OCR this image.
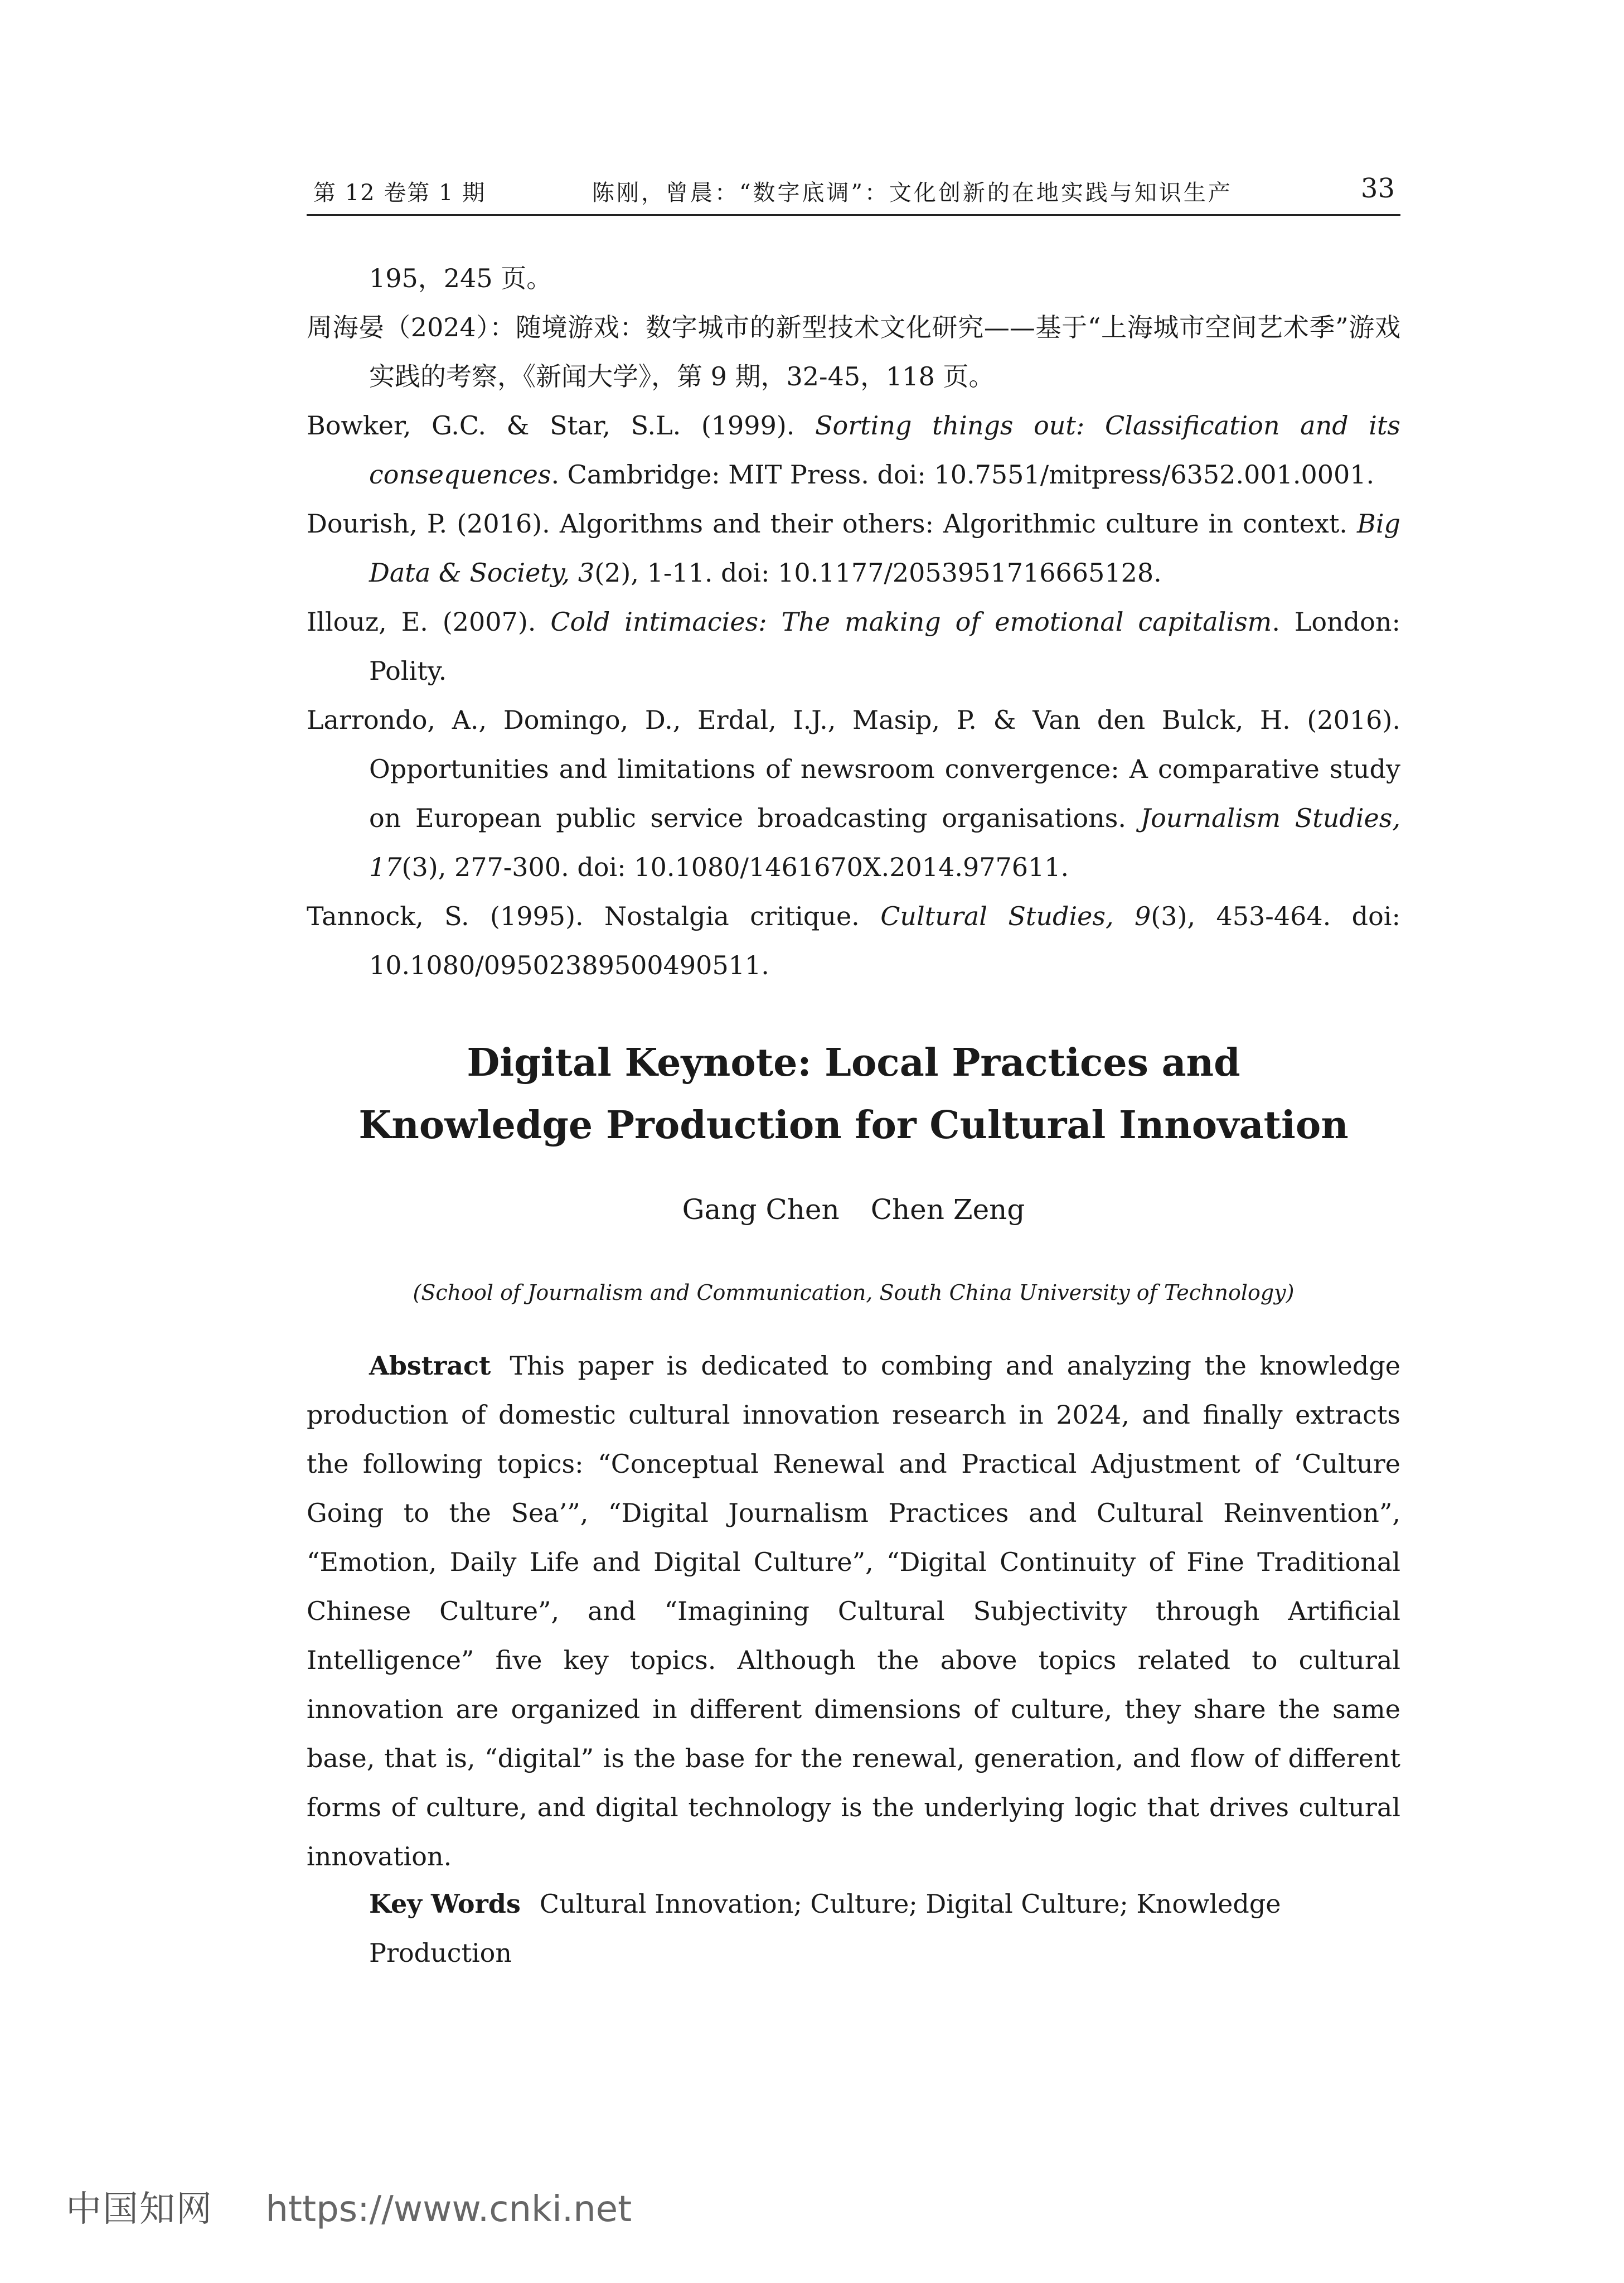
第 12 卷第 1 期	陈刚，曾晨：“数字底调”：文化创新的在地实践与知识生产	33

195，245 页。

周海晏（2024）：随境游戏：数字城市的新型技术文化研究——基于“上海城市空间艺术季”游戏实践的考察，《新闻大学》，第 9 期，32-45，118 页。

Bowker, G.C. & Star, S.L. (1999). Sorting things out: Classification and its consequences. Cambridge: MIT Press. doi: 10.7551/mitpress/6352.001.0001.

Dourish, P. (2016). Algorithms and their others: Algorithmic culture in context. Big Data & Society, 3(2), 1-11. doi: 10.1177/2053951716665128.

Illouz, E. (2007). Cold intimacies: The making of emotional capitalism. London: Polity.

Larrondo, A., Domingo, D., Erdal, I.J., Masip, P. & Van den Bulck, H. (2016). Opportunities and limitations of newsroom convergence: A comparative study on European public service broadcasting organisations. Journalism Studies, 17(3), 277-300. doi: 10.1080/1461670X.2014.977611.

Tannock, S. (1995). Nostalgia critique. Cultural Studies, 9(3), 453-464. doi: 10.1080/09502389500490511.

Digital Keynote: Local Practices and
Knowledge Production for Cultural Innovation
Gang Chen Chen Zeng
(School of Journalism and Communication, South China University of Technology)

Abstract This paper is dedicated to combing and analyzing the knowledge production of domestic cultural innovation research in 2024, and finally extracts the following topics: “Conceptual Renewal and Practical Adjustment of ‘Culture Going to the Sea’”, “Digital Journalism Practices and Cultural Reinvention”, “Emotion, Daily Life and Digital Culture”, “Digital Continuity of Fine Traditional Chinese Culture”, and “Imagining Cultural Subjectivity through Artificial Intelligence” five key topics. Although the above topics related to cultural innovation are organized in different dimensions of culture, they share the same base, that is, “digital” is the base for the renewal, generation, and flow of different forms of culture, and digital technology is the underlying logic that drives cultural innovation.

Key Words Cultural Innovation; Culture; Digital Culture; Knowledge Production
中国知网 https://www.cnki.net
